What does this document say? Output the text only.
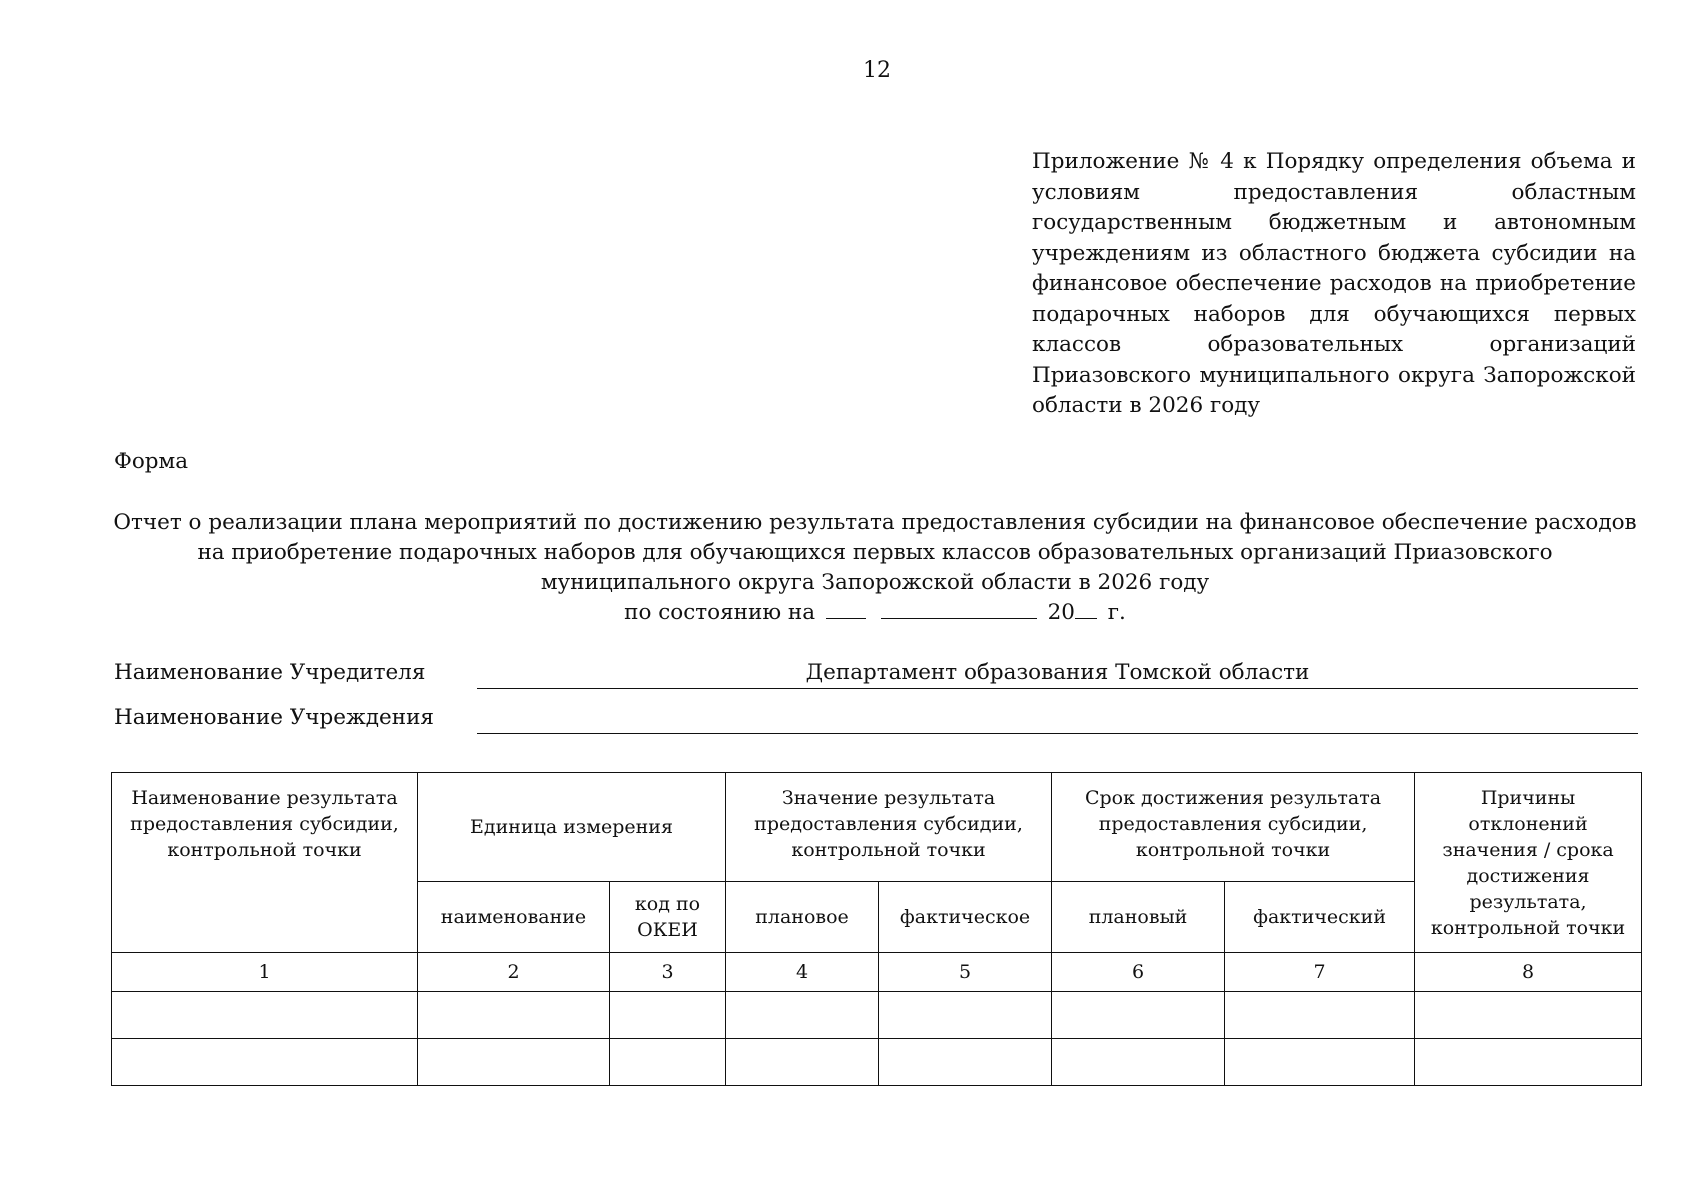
12
Приложение № 4 к Порядку определения объема и условиям предоставления областным государственным бюджетным и автономным учреждениям из областного бюджета субсидии на финансовое обеспечение расходов на приобретение подарочных наборов для обучающихся первых классов образовательных организаций Приазовского муниципального округа Запорожской области в 2026 году
Форма
Отчет о реализации плана мероприятий по достижению результата предоставления субсидии на финансовое обеспечение расходов на приобретение подарочных наборов для обучающихся первых классов образовательных организаций Приазовского муниципального округа Запорожской области в 2026 году
по состоянию на	20 г.
Наименование Учредителя	Департамент образования Томской области
Наименование Учреждения
Наименование результата предоставления субсидии, контрольной точки	Единица измерения		Значение результата предоставления субсидии, контрольной точки		Срок достижения результата предоставления субсидии, контрольной точки		Причины отклонений значения / срока достижения результата, контрольной точки
	наименование	код по ОКЕИ	плановое	фактическое	плановый	фактический	
1	2	3	4	5	6	7	8
